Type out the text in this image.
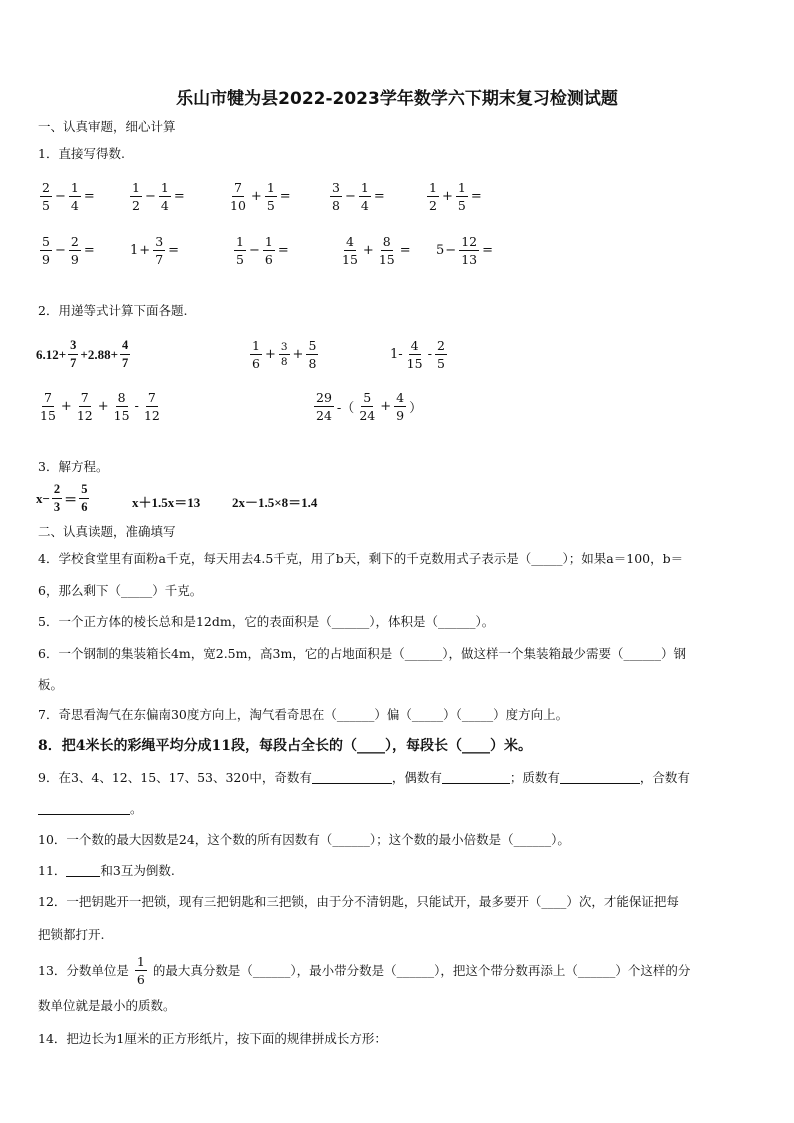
乐山市犍为县2022-2023学年数学六下期末复习检测试题
一、认真审题，细心计算
1．直接写得数.
$\frac{2}{5} - \frac{1}{4}$ =	$\frac{1}{2} - \frac{1}{4}$ =	$\frac{7}{10} + \frac{1}{5}$ =	$\frac{3}{8} - \frac{1}{4}$ =	$\frac{1}{2} + \frac{1}{5}$ =
$\frac{5}{9} - \frac{2}{9}$ =	$1 + \frac{3}{7}$ =	$\frac{1}{5} - \frac{1}{6}$ =	$\frac{4}{15} + \frac{8}{15} = 5 - \frac{12}{13}$ =
2．用递等式计算下面各题.
$6.12+ \frac{3}{7} +2.88+ \frac{4}{7}$	$\frac{1}{6} + \frac{3}{8} + \frac{5}{8}$	$1- \frac{4}{15} - \frac{2}{5}$
$\frac{7}{15} + \frac{7}{12} + \frac{8}{15} - \frac{7}{12}$	$\frac{29}{24}$ -（ $\frac{5}{24} + \frac{4}{9}$ ）
3．解方程。
$x- \frac{2}{3} = \frac{5}{6}$	x＋1.5x＝13 2x－1.5×8＝1.4
二、认真读题，准确填写
4．学校食堂里有面粉a千克，每天用去4.5千克，用了b天，剩下的千克数用式子表示是（_____）；如果a＝100，b＝
6，那么剩下（_____）千克。
5．一个正方体的棱长总和是12dm，它的表面积是（______），体积是（______）。
6．一个钢制的集装箱长4m，宽2.5m，高3m，它的占地面积是（______），做这样一个集装箱最少需要（______）钢
板。
7．奇思看淘气在东偏南30度方向上，淘气看奇思在（______）偏（_____）（_____）度方向上。
8．把4米长的彩绳平均分成11段，每段占全长的（____），每段长（____）米。
9．在3、4、12、15、17、53、320中，奇数有	，偶数有	；质数有	，合数有
。
10．一个数的最大因数是24，这个数的所有因数有（______）；这个数的最小倍数是（______）。
11．	和3互为倒数.
12．一把钥匙开一把锁，现有三把钥匙和三把锁，由于分不清钥匙，只能试开，最多要开（____）次，才能保证把每
把锁都打开.
13．分数单位是 $\frac{1}{6}$ 的最大真分数是（______），最小带分数是（______），把这个带分数再添上（______）个这样的分
数单位就是最小的质数。
14．把边长为1厘米的正方形纸片，按下面的规律拼成长方形：
